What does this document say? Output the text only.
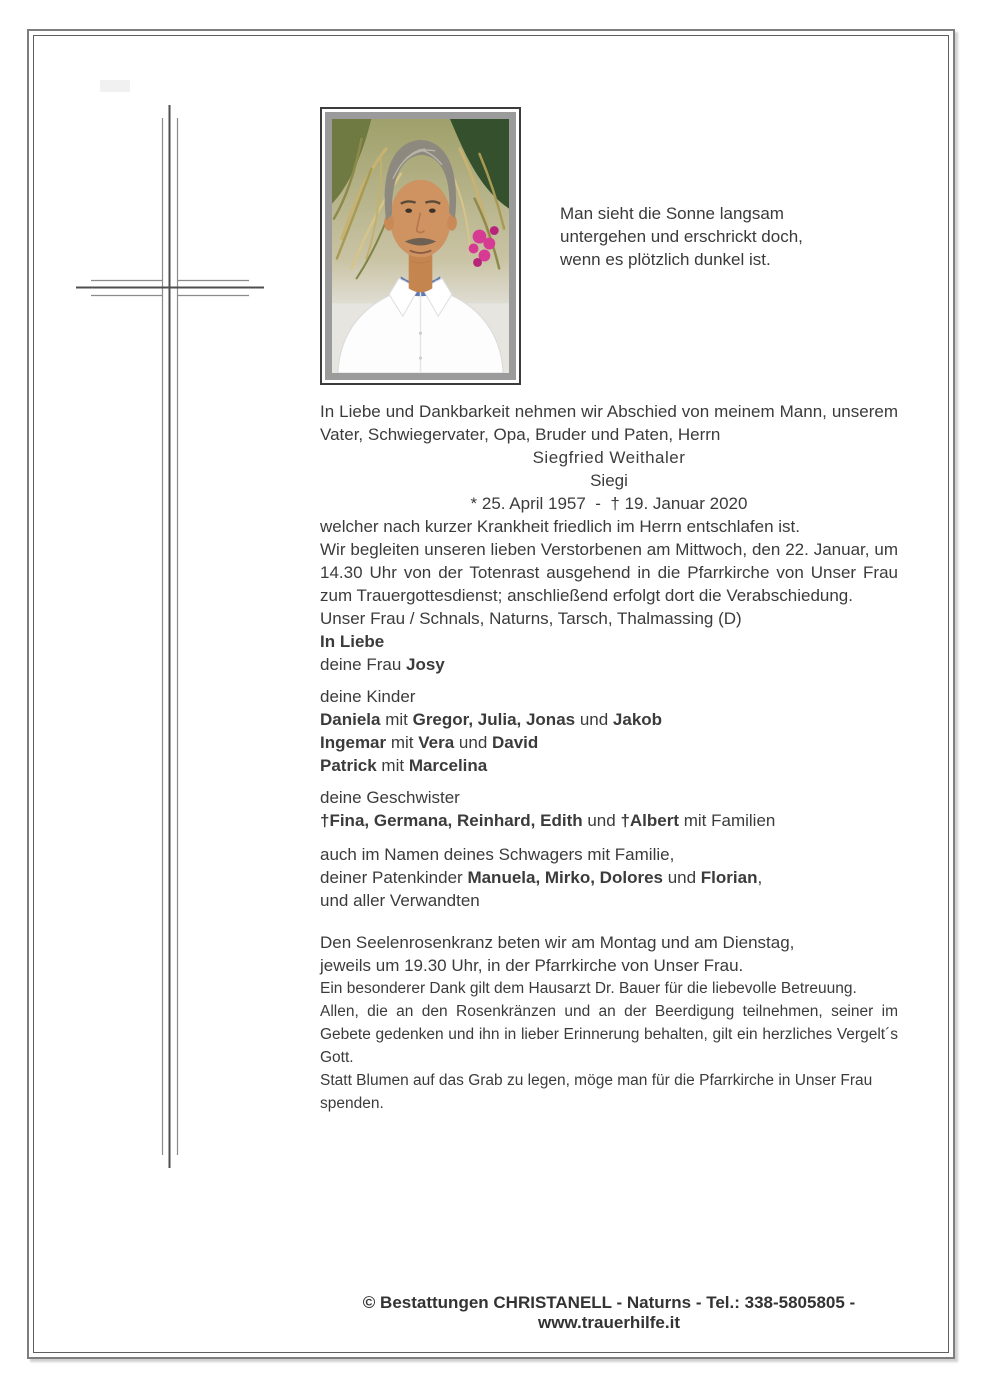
Man sieht die Sonne langsam
untergehen und erschrickt doch,
wenn es plötzlich dunkel ist.

In Liebe und Dankbarkeit nehmen wir Abschied von meinem Mann, unserem Vater, Schwiegervater, Opa, Bruder und Paten, Herrn

Siegfried Weithaler

Siegi

* 25. April 1957  -  † 19. Januar 2020

welcher nach kurzer Krankheit friedlich im Herrn entschlafen ist.

Wir begleiten unseren lieben Verstorbenen am Mittwoch, den 22. Januar, um 14.30 Uhr von der Totenrast ausgehend in die Pfarrkirche von Unser Frau zum Trauergottesdienst; anschließend erfolgt dort die Verabschiedung.

Unser Frau / Schnals, Naturns, Tarsch, Thalmassing (D)

In Liebe

deine Frau Josy

deine Kinder
Daniela mit Gregor, Julia, Jonas und Jakob
Ingemar mit Vera und David
Patrick mit Marcelina
deine Geschwister
†Fina, Germana, Reinhard, Edith und †Albert mit Familien
auch im Namen deines Schwagers mit Familie,
deiner Patenkinder Manuela, Mirko, Dolores und Florian,
und aller Verwandten
Den Seelenrosenkranz beten wir am Montag und am Dienstag,
jeweils um 19.30 Uhr, in der Pfarrkirche von Unser Frau.

Ein besonderer Dank gilt dem Hausarzt Dr. Bauer für die liebevolle Betreuung.

Allen, die an den Rosenkränzen und an der Beerdigung teilnehmen, seiner im Gebete gedenken und ihn in lieber Erinnerung behalten, gilt ein herzliches Vergelt´s Gott.

Statt Blumen auf das Grab zu legen, möge man für die Pfarrkirche in Unser Frau spenden.

© Bestattungen CHRISTANELL - Naturns - Tel.: 338-5805805 - www.trauerhilfe.it
